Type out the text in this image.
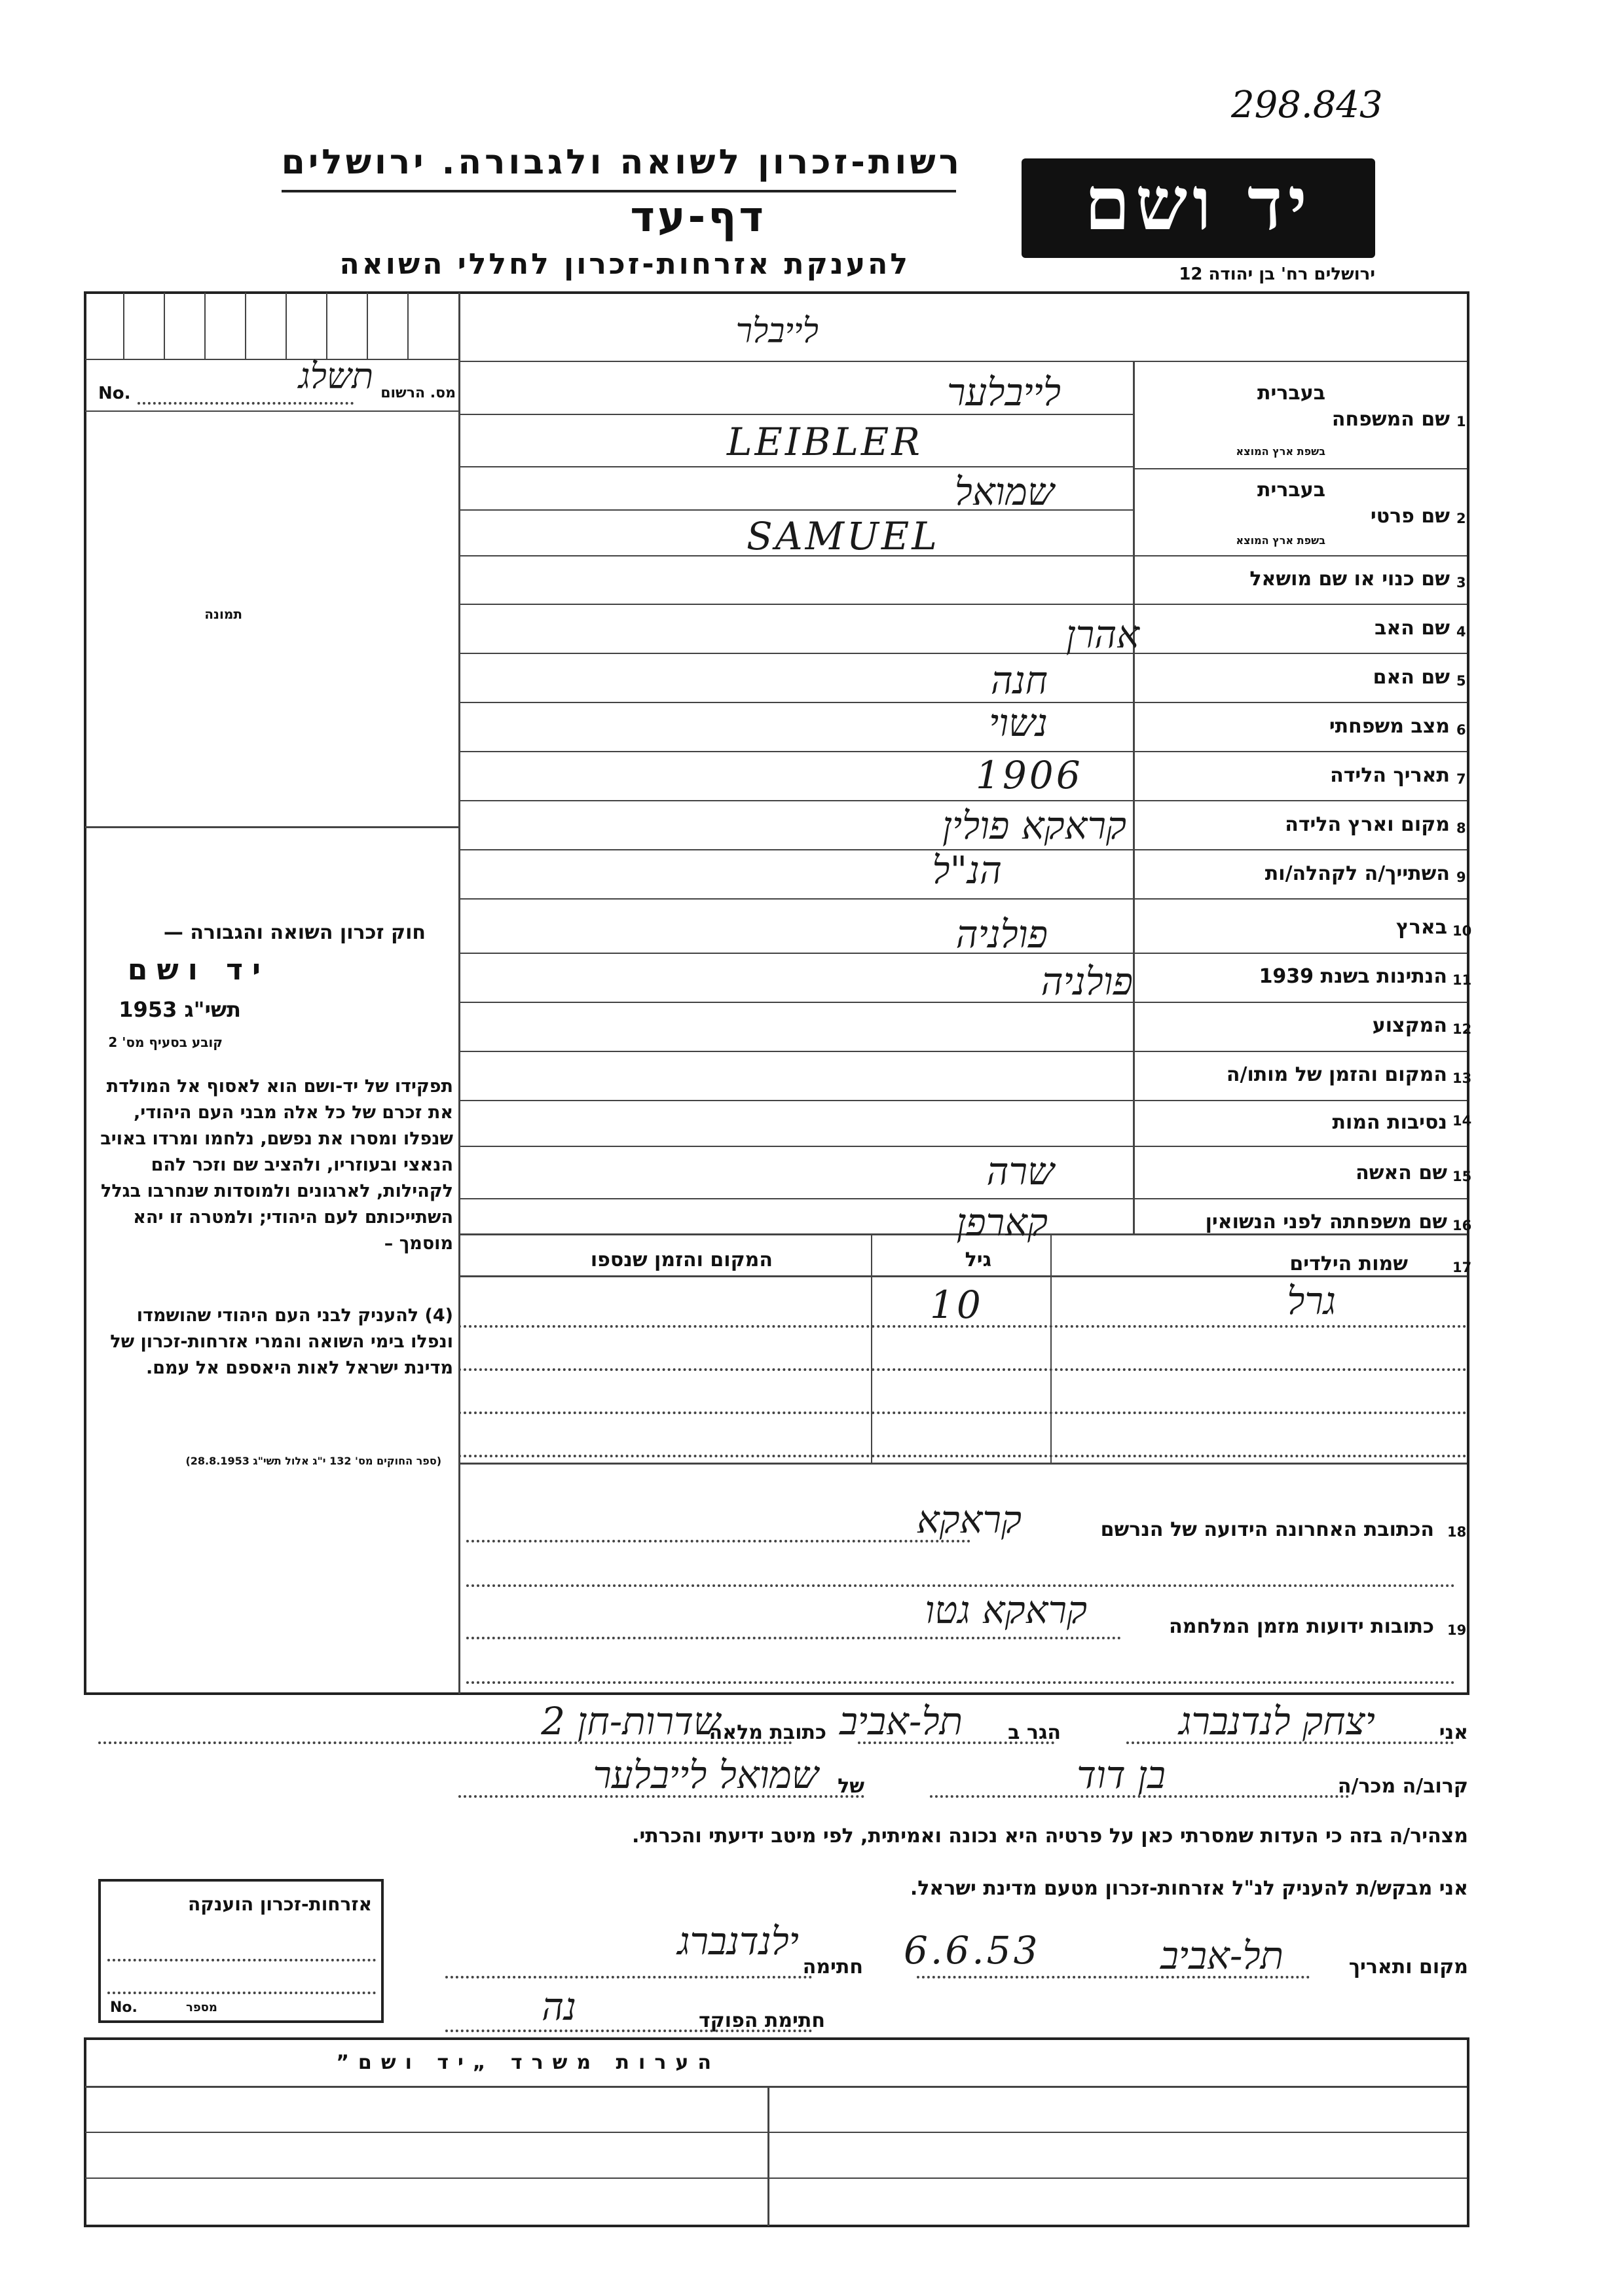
298.843
רשות-זכרון לשואה ולגבורה. ירושלים
דף-עד
להענקת אזרחות-זכרון לחללי השואה
יד ושם
ירושלים רח' בן יהודה 12
No.	מס. הרשום
תשלג
תמונה
חוק זכרון השואה והגבורה —
יד ושם
תשי"ג 1953
קובע בסעיף מס' 2
תפקידו של יד-ושם הוא לאסוף אל המולדת את זכרם של כל אלה מבני העם היהודי, שנפלו ומסרו את נפשם, נלחמו ומרדו באויב הנאצי ובעוזריו, ולהציב שם וזכר להם לקהילות, לארגונים ולמוסדות שנחרבו בגלל השתייכותם לעם היהודי; ולמטרה זו יהא מוסמך –
(4) להעניק לבני העם היהודי שהושמדו ונפלו בימי השואה והמרי אזרחות-זכרון של מדינת ישראל לאות היאספם אל עמם.
(ספר החוקים מס' 132 י"ג אלול תשי"ג 28.8.1953)
לייבלר
1
שם המשפחה
בעברית
בשפת ארץ המוצא
2
שם פרטי
בעברית
בשפת ארץ המוצא
3
שם כנוי או שם מושאל
4
שם האב
5
שם האם
6
מצב משפחתי
7
תאריך הלידה
8
מקום וארץ הלידה
9
השתייך/ה לקהלה/ות
10
בארץ
11
הנתינות בשנת 1939
12
המקצוע
13
המקום והזמן של מותו/ה
14
נסיבות המות
15
שם האשה
16
שם משפחתה לפני הנשואין
לייבלער
LEIBLER
שמואל
SAMUEL
אהרן
חנה
נשוי
1906
קראקא פולין
הנ"ל
פולניה
פולניה
שרה
קארפן
17
שמות הילדים
גיל
המקום והזמן שנספו
גרל
10
18
הכתובת האחרונה הידועה של הנרשם
קראקא
19
כתובות ידועות מזמן המלחמה
קראקא גטו
אני
יצחק לנדנברג
הגר ב
תל-אביב
כתובת מלאה
שדרות-חן 2
קרוב/ה מכר/ה
בן דוד
של
שמואל לייבלער
מצהיר/ה בזה כי העדות שמסרתי כאן על פרטיה היא נכונה ואמיתית, לפי מיטב ידיעתי והכרתי.
אני מבקש/ת להעניק לנ"ל אזרחות-זכרון מטעם מדינת ישראל.
מקום ותאריך
תל-אביב
6.6.53
חתימה
ילנדנברג
חתימת הפוקד
נה
אזרחות-זכרון הוענקה
No.	מספר
הערות משרד „יד ושם”
